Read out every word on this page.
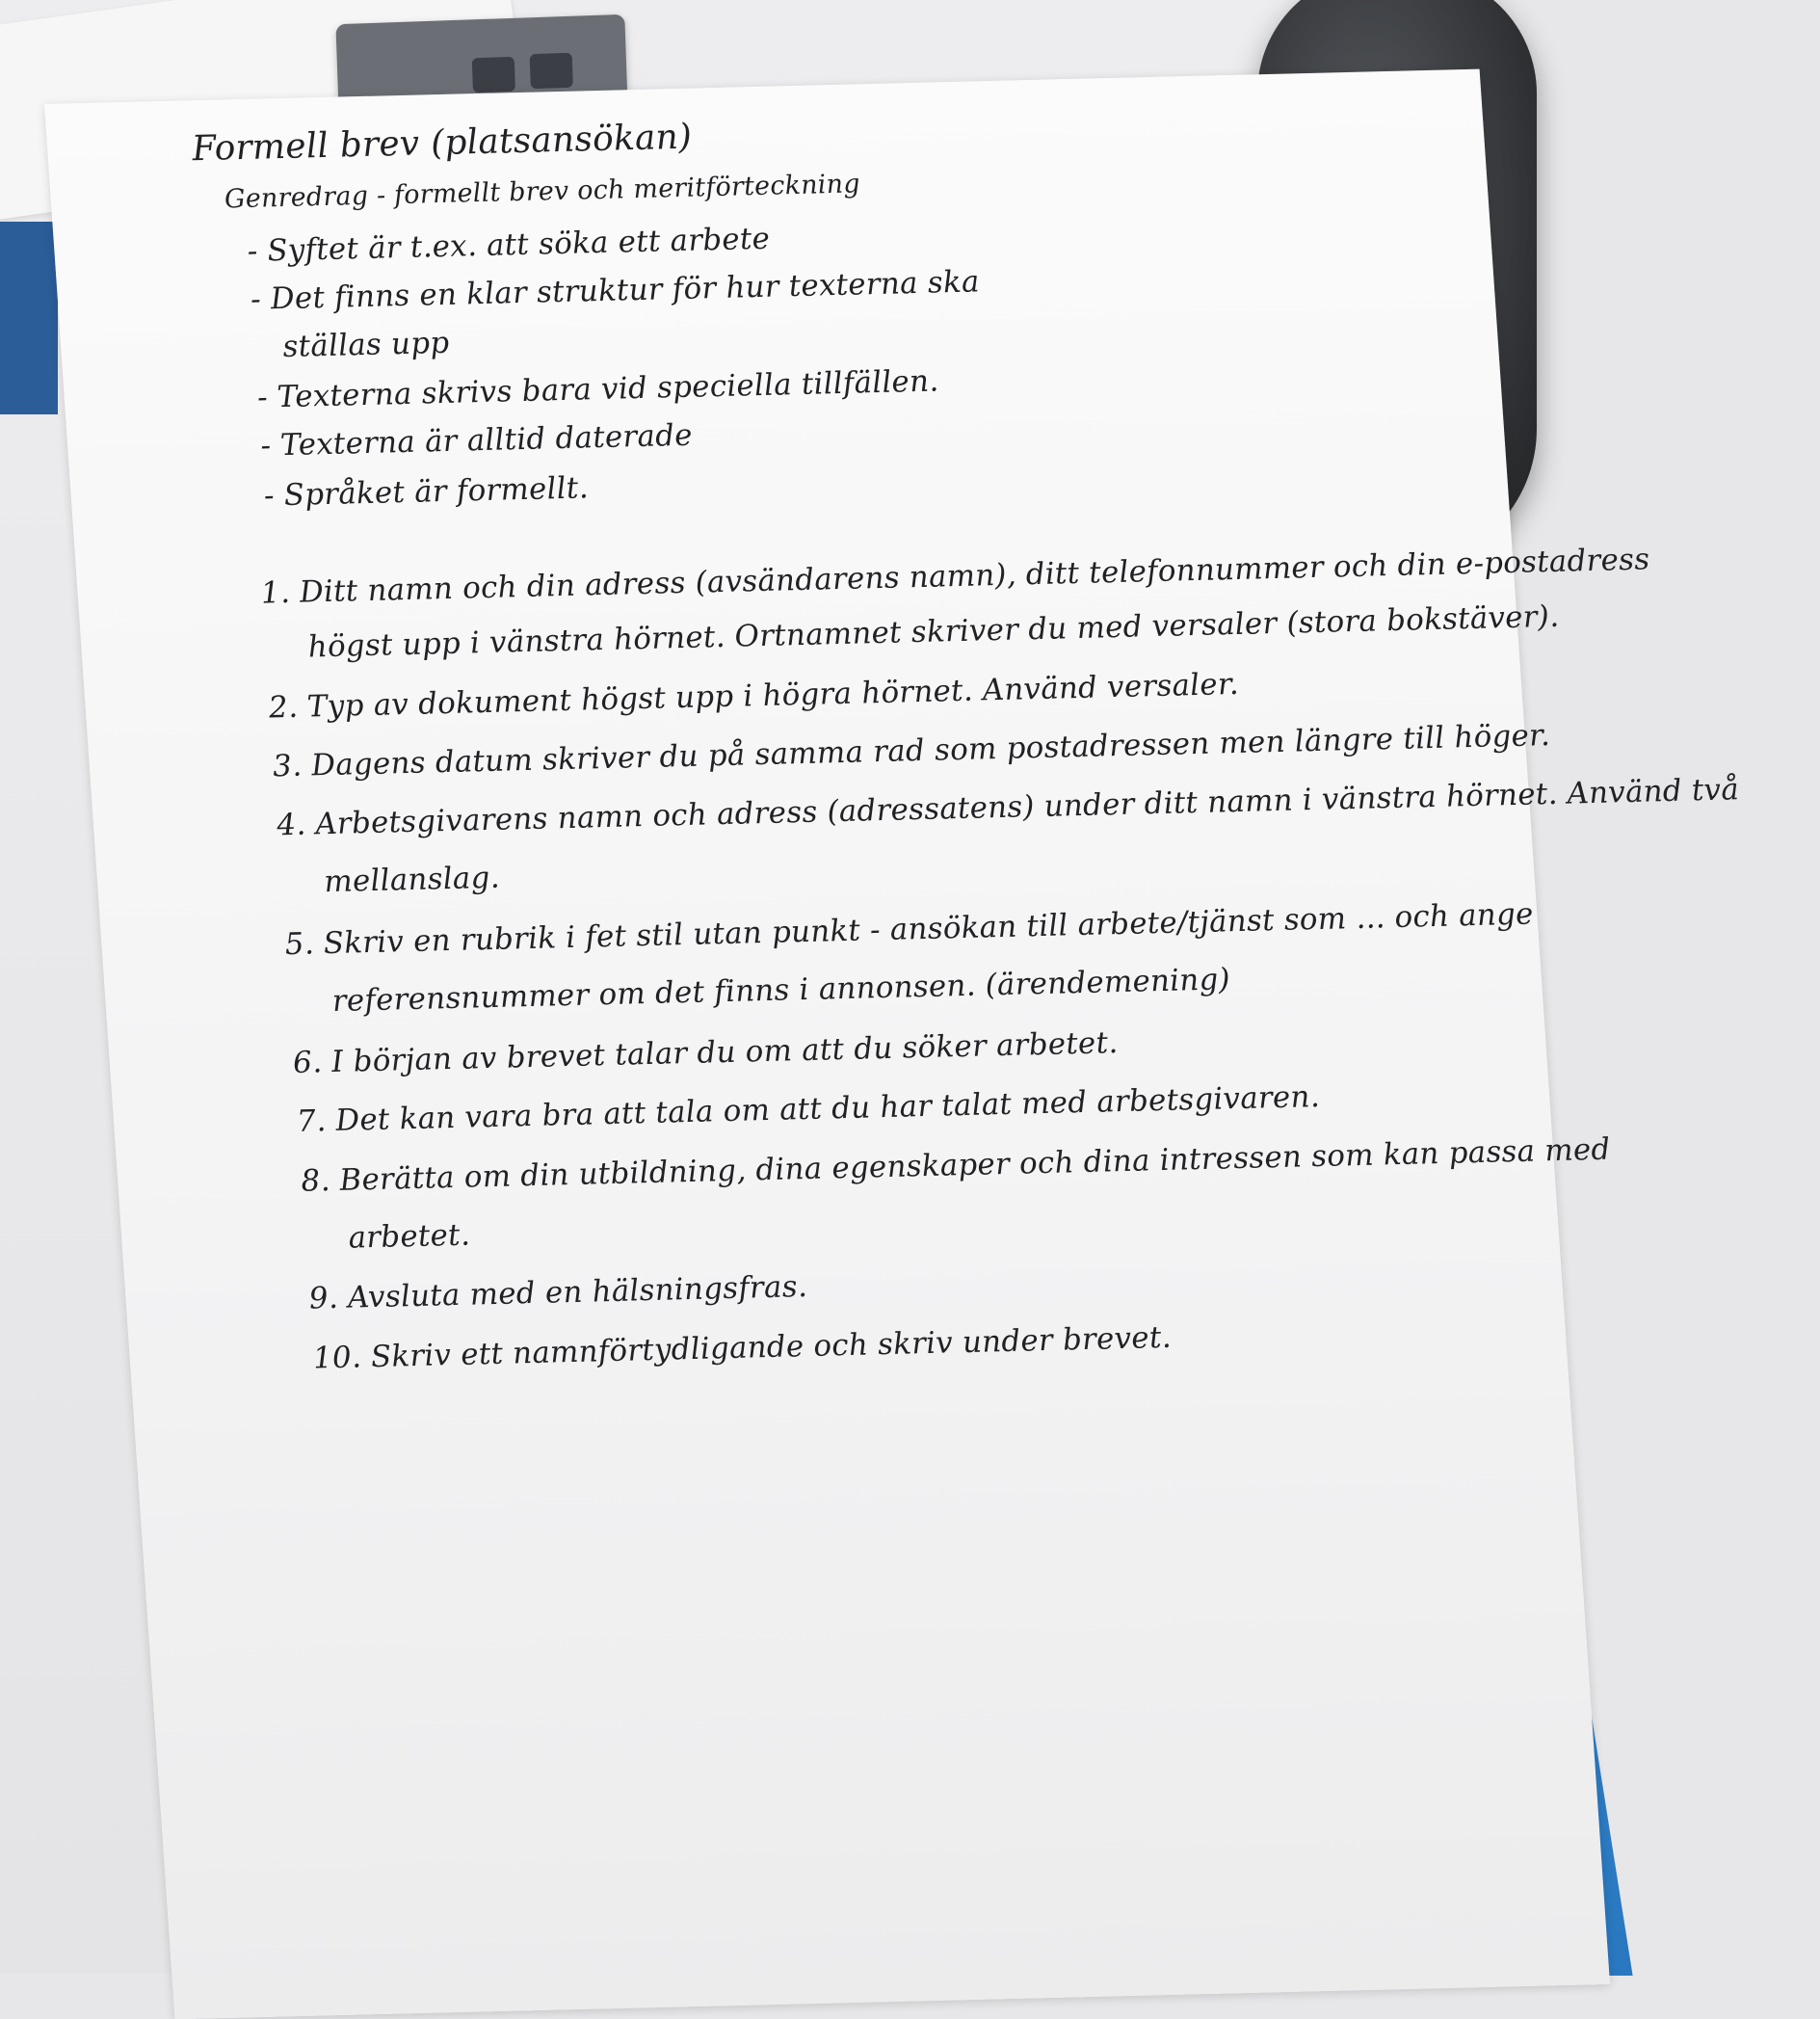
Formell brev (platsansökan)
Genredrag - formellt brev och meritförteckning
- Syftet är t.ex. att söka ett arbete
- Det finns en klar struktur för hur texterna ska
ställas upp
- Texterna skrivs bara vid speciella tillfällen.
- Texterna är alltid daterade
- Språket är formellt.
1. Ditt namn och din adress (avsändarens namn), ditt telefonnummer och din e-postadress
högst upp i vänstra hörnet. Ortnamnet skriver du med versaler (stora bokstäver).
2. Typ av dokument högst upp i högra hörnet. Använd versaler.
3. Dagens datum skriver du på samma rad som postadressen men längre till höger.
4. Arbetsgivarens namn och adress (adressatens) under ditt namn i vänstra hörnet. Använd två
mellanslag.
5. Skriv en rubrik i fet stil utan punkt - ansökan till arbete/tjänst som ... och ange
referensnummer om det finns i annonsen. (ärendemening)
6. I början av brevet talar du om att du söker arbetet.
7. Det kan vara bra att tala om att du har talat med arbetsgivaren.
8. Berätta om din utbildning, dina egenskaper och dina intressen som kan passa med
arbetet.
9. Avsluta med en hälsningsfras.
10. Skriv ett namnförtydligande och skriv under brevet.
